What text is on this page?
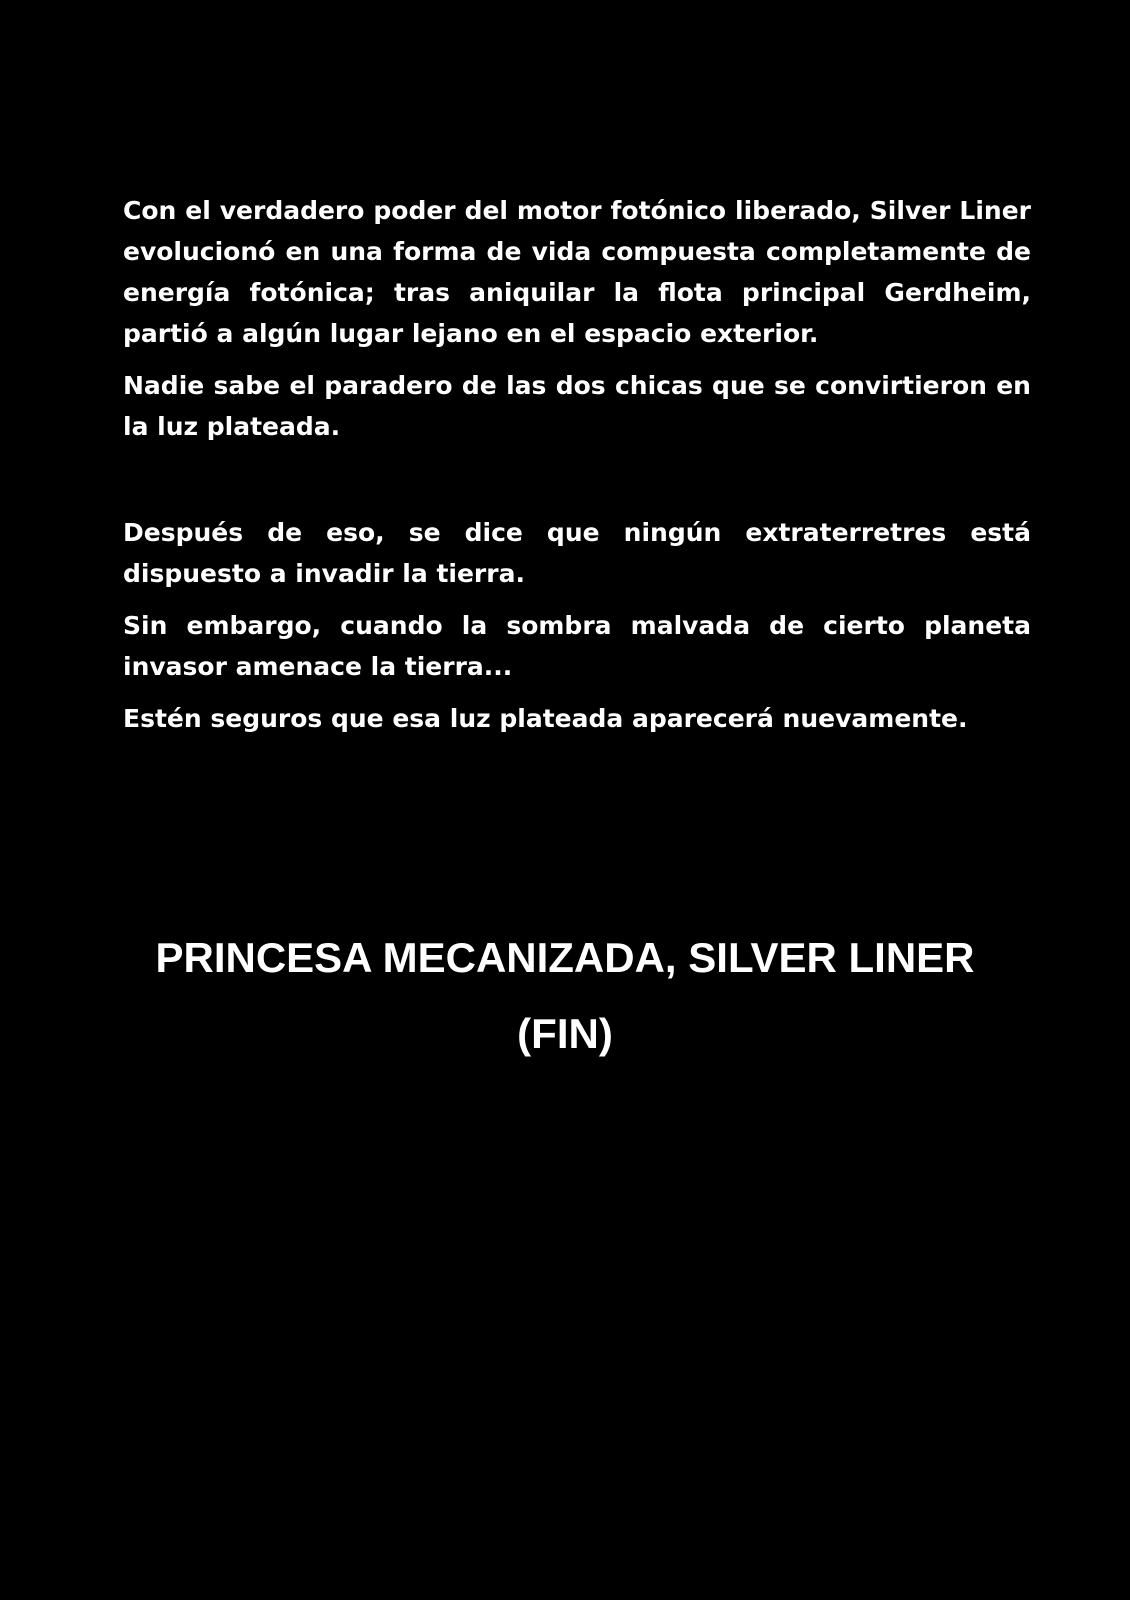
Con el verdadero poder del motor fotónico liberado, Silver Liner evolucionó en una forma de vida compuesta completamente de energía fotónica; tras aniquilar la flota principal Gerdheim, partió a algún lugar lejano en el espacio exterior.

Nadie sabe el paradero de las dos chicas que se convirtieron en la luz plateada.

Después de eso, se dice que ningún extraterretres está dispuesto a invadir la tierra.

Sin embargo, cuando la sombra malvada de cierto planeta invasor amenace la tierra...

Estén seguros que esa luz plateada aparecerá nuevamente.

PRINCESA MECANIZADA, SILVER LINER
(FIN)
